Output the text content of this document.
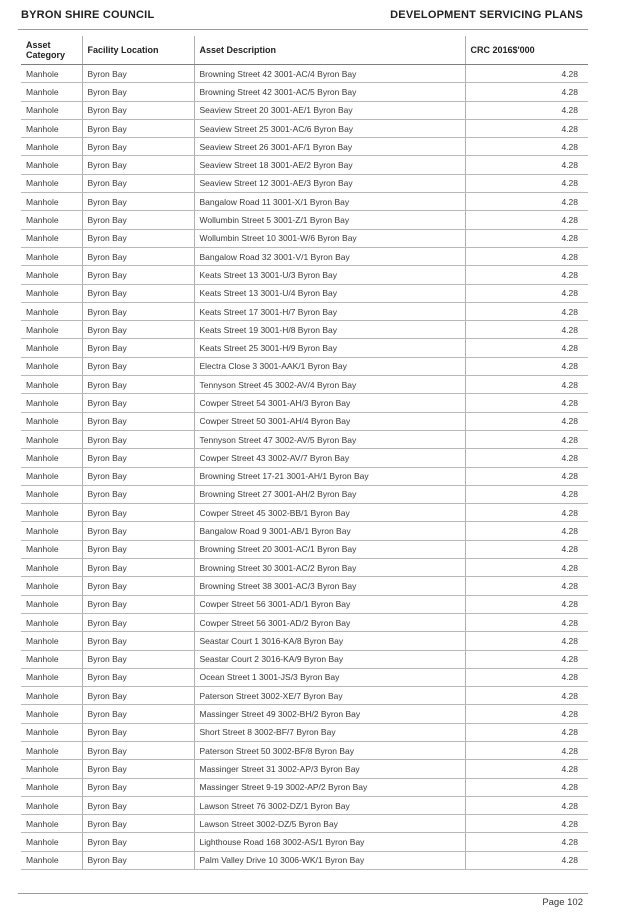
BYRON SHIRE COUNCIL	DEVELOPMENT SERVICING PLANS
Asset Category	Facility Location	Asset Description	CRC 2016$'000
Manhole	Byron Bay	Browning Street 42 3001-AC/4 Byron Bay	4.28
Manhole	Byron Bay	Browning Street 42 3001-AC/5 Byron Bay	4.28
Manhole	Byron Bay	Seaview Street 20 3001-AE/1 Byron Bay	4.28
Manhole	Byron Bay	Seaview Street 25 3001-AC/6 Byron Bay	4.28
Manhole	Byron Bay	Seaview Street 26 3001-AF/1 Byron Bay	4.28
Manhole	Byron Bay	Seaview Street 18 3001-AE/2 Byron Bay	4.28
Manhole	Byron Bay	Seaview Street 12 3001-AE/3 Byron Bay	4.28
Manhole	Byron Bay	Bangalow Road 11 3001-X/1 Byron Bay	4.28
Manhole	Byron Bay	Wollumbin Street 5 3001-Z/1 Byron Bay	4.28
Manhole	Byron Bay	Wollumbin Street 10 3001-W/6 Byron Bay	4.28
Manhole	Byron Bay	Bangalow Road 32 3001-V/1 Byron Bay	4.28
Manhole	Byron Bay	Keats Street 13 3001-U/3 Byron Bay	4.28
Manhole	Byron Bay	Keats Street 13 3001-U/4 Byron Bay	4.28
Manhole	Byron Bay	Keats Street 17 3001-H/7 Byron Bay	4.28
Manhole	Byron Bay	Keats Street 19 3001-H/8 Byron Bay	4.28
Manhole	Byron Bay	Keats Street 25 3001-H/9 Byron Bay	4.28
Manhole	Byron Bay	Electra Close 3 3001-AAK/1 Byron Bay	4.28
Manhole	Byron Bay	Tennyson Street 45 3002-AV/4 Byron Bay	4.28
Manhole	Byron Bay	Cowper Street 54 3001-AH/3 Byron Bay	4.28
Manhole	Byron Bay	Cowper Street 50 3001-AH/4 Byron Bay	4.28
Manhole	Byron Bay	Tennyson Street 47 3002-AV/5 Byron Bay	4.28
Manhole	Byron Bay	Cowper Street 43 3002-AV/7 Byron Bay	4.28
Manhole	Byron Bay	Browning Street 17-21 3001-AH/1 Byron Bay	4.28
Manhole	Byron Bay	Browning Street 27 3001-AH/2 Byron Bay	4.28
Manhole	Byron Bay	Cowper Street 45 3002-BB/1 Byron Bay	4.28
Manhole	Byron Bay	Bangalow Road 9 3001-AB/1 Byron Bay	4.28
Manhole	Byron Bay	Browning Street 20 3001-AC/1 Byron Bay	4.28
Manhole	Byron Bay	Browning Street 30 3001-AC/2 Byron Bay	4.28
Manhole	Byron Bay	Browning Street 38 3001-AC/3 Byron Bay	4.28
Manhole	Byron Bay	Cowper Street 56 3001-AD/1 Byron Bay	4.28
Manhole	Byron Bay	Cowper Street 56 3001-AD/2 Byron Bay	4.28
Manhole	Byron Bay	Seastar Court 1 3016-KA/8 Byron Bay	4.28
Manhole	Byron Bay	Seastar Court 2 3016-KA/9 Byron Bay	4.28
Manhole	Byron Bay	Ocean Street 1 3001-JS/3 Byron Bay	4.28
Manhole	Byron Bay	Paterson Street 3002-XE/7 Byron Bay	4.28
Manhole	Byron Bay	Massinger Street 49 3002-BH/2 Byron Bay	4.28
Manhole	Byron Bay	Short Street 8 3002-BF/7 Byron Bay	4.28
Manhole	Byron Bay	Paterson Street 50 3002-BF/8 Byron Bay	4.28
Manhole	Byron Bay	Massinger Street 31 3002-AP/3 Byron Bay	4.28
Manhole	Byron Bay	Massinger Street 9-19 3002-AP/2 Byron Bay	4.28
Manhole	Byron Bay	Lawson Street 76 3002-DZ/1 Byron Bay	4.28
Manhole	Byron Bay	Lawson Street 3002-DZ/5 Byron Bay	4.28
Manhole	Byron Bay	Lighthouse Road 168 3002-AS/1 Byron Bay	4.28
Manhole	Byron Bay	Palm Valley Drive 10 3006-WK/1 Byron Bay	4.28
Page 102
